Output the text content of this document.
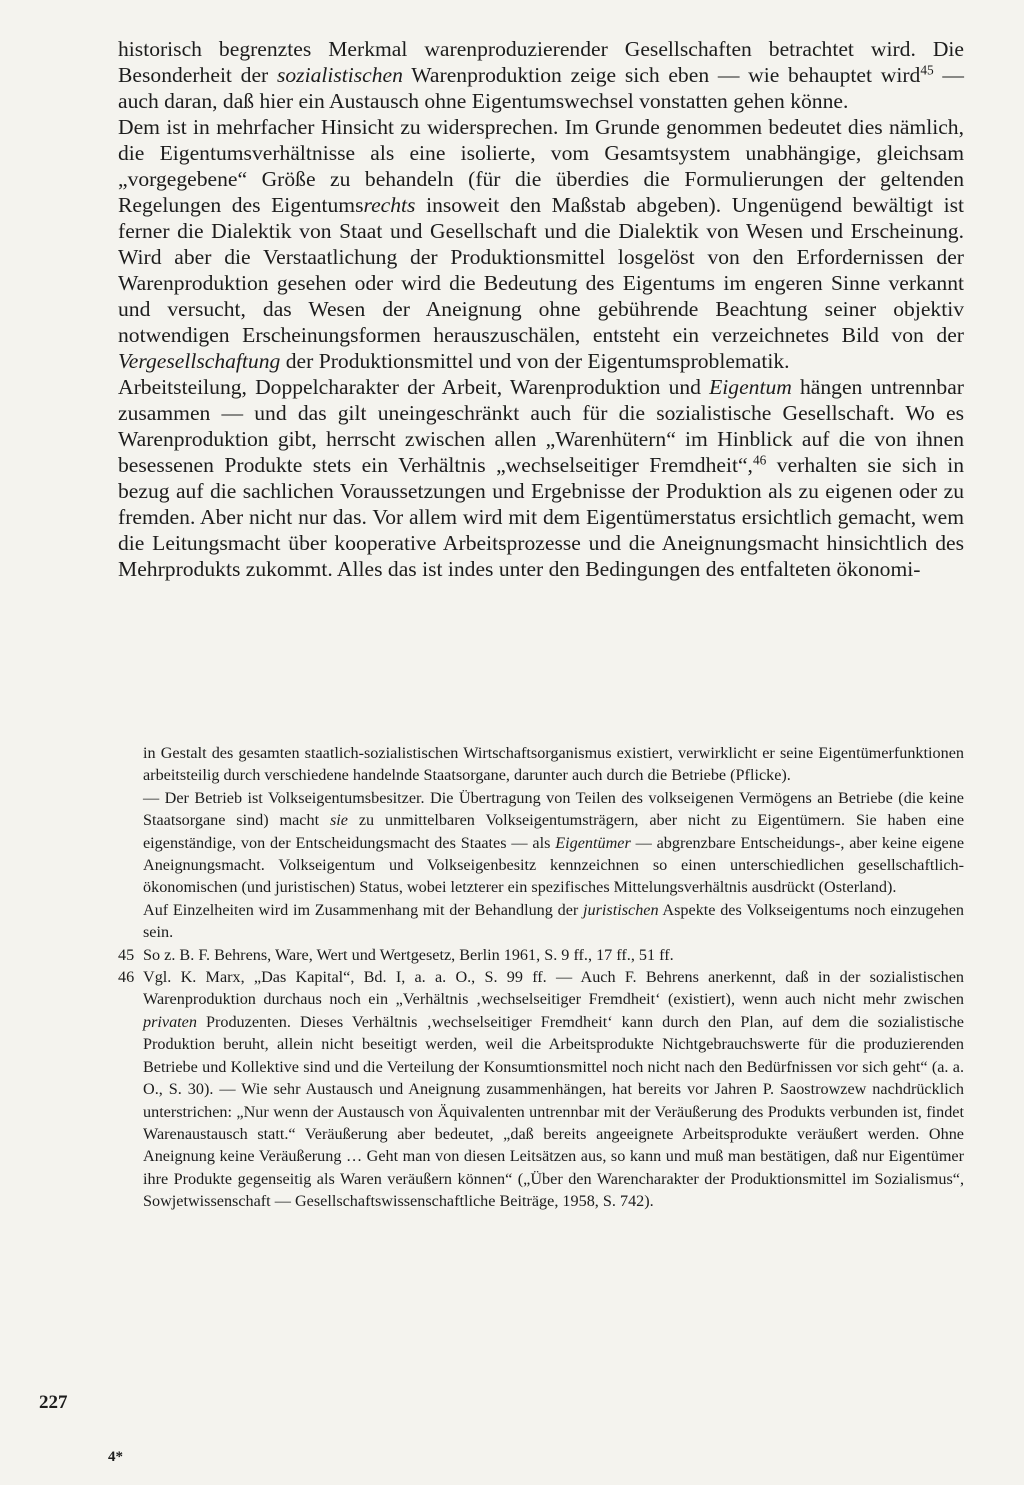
historisch begrenztes Merkmal warenproduzierender Gesellschaften betrachtet wird. Die Besonderheit der sozialistischen Warenproduktion zeige sich eben — wie behauptet wird$^{45}$ — auch daran, daß hier ein Austausch ohne Eigentumswechsel vonstatten gehen könne.

Dem ist in mehrfacher Hinsicht zu widersprechen. Im Grunde genommen bedeutet dies nämlich, die Eigentumsverhältnisse als eine isolierte, vom Gesamtsystem unabhängige, gleichsam „vorgegebene“ Größe zu behandeln (für die überdies die Formulierungen der geltenden Regelungen des Eigentumsrechts insoweit den Maßstab abgeben). Ungenügend bewältigt ist ferner die Dialektik von Staat und Gesellschaft und die Dialektik von Wesen und Erscheinung. Wird aber die Verstaatlichung der Produktionsmittel losgelöst von den Erfordernissen der Warenproduktion gesehen oder wird die Bedeutung des Eigentums im engeren Sinne verkannt und versucht, das Wesen der Aneignung ohne gebührende Beachtung seiner objektiv notwendigen Erscheinungsformen herauszuschälen, entsteht ein verzeichnetes Bild von der Vergesellschaftung der Produktionsmittel und von der Eigentumsproblematik.

Arbeitsteilung, Doppelcharakter der Arbeit, Warenproduktion und Eigentum hängen untrennbar zusammen — und das gilt uneingeschränkt auch für die sozialistische Gesellschaft. Wo es Warenproduktion gibt, herrscht zwischen allen „Warenhütern“ im Hinblick auf die von ihnen besessenen Produkte stets ein Verhältnis „wechselseitiger Fremdheit“,$^{46}$ verhalten sie sich in bezug auf die sachlichen Voraussetzungen und Ergebnisse der Produktion als zu eigenen oder zu fremden. Aber nicht nur das. Vor allem wird mit dem Eigentümerstatus ersichtlich gemacht, wem die Leitungsmacht über kooperative Arbeitsprozesse und die Aneignungsmacht hinsichtlich des Mehrprodukts zukommt. Alles das ist indes unter den Bedingungen des entfalteten ökonomi-

in Gestalt des gesamten staatlich-sozialistischen Wirtschaftsorganismus existiert, verwirklicht er seine Eigentümerfunktionen arbeitsteilig durch verschiedene handelnde Staatsorgane, darunter auch durch die Betriebe (Pflicke).

— Der Betrieb ist Volkseigentumsbesitzer. Die Übertragung von Teilen des volkseigenen Vermögens an Betriebe (die keine Staatsorgane sind) macht sie zu unmittelbaren Volkseigentumsträgern, aber nicht zu Eigentümern. Sie haben eine eigenständige, von der Entscheidungsmacht des Staates — als Eigentümer — abgrenzbare Entscheidungs-, aber keine eigene Aneignungsmacht. Volkseigentum und Volkseigenbesitz kennzeichnen so einen unterschiedlichen gesellschaftlich-ökonomischen (und juristischen) Status, wobei letzterer ein spezifisches Mittelungsverhältnis ausdrückt (Osterland).

Auf Einzelheiten wird im Zusammenhang mit der Behandlung der juristischen Aspekte des Volkseigentums noch einzugehen sein.

45 So z. B. F. Behrens, Ware, Wert und Wertgesetz, Berlin 1961, S. 9 ff., 17 ff., 51 ff.

46 Vgl. K. Marx, „Das Kapital“, Bd. I, a. a. O., S. 99 ff. — Auch F. Behrens anerkennt, daß in der sozialistischen Warenproduktion durchaus noch ein „Verhältnis ‚wechselseitiger Fremdheit‘ (existiert), wenn auch nicht mehr zwischen privaten Produzenten. Dieses Verhältnis ‚wechselseitiger Fremdheit‘ kann durch den Plan, auf dem die sozialistische Produktion beruht, allein nicht beseitigt werden, weil die Arbeitsprodukte Nichtgebrauchswerte für die produzierenden Betriebe und Kollektive sind und die Verteilung der Konsumtionsmittel noch nicht nach den Bedürfnissen vor sich geht“ (a. a. O., S. 30). — Wie sehr Austausch und Aneignung zusammenhängen, hat bereits vor Jahren P. Saostrowzew nachdrücklich unterstrichen: „Nur wenn der Austausch von Äquivalenten untrennbar mit der Veräußerung des Produkts verbunden ist, findet Warenaustausch statt.“ Veräußerung aber bedeutet, „daß bereits angeeignete Arbeitsprodukte veräußert werden. Ohne Aneignung keine Veräußerung … Geht man von diesen Leitsätzen aus, so kann und muß man bestätigen, daß nur Eigentümer ihre Produkte gegenseitig als Waren veräußern können“ („Über den Warencharakter der Produktionsmittel im Sozialismus“, Sowjetwissenschaft — Gesellschaftswissenschaftliche Beiträge, 1958, S. 742).

227
4*
